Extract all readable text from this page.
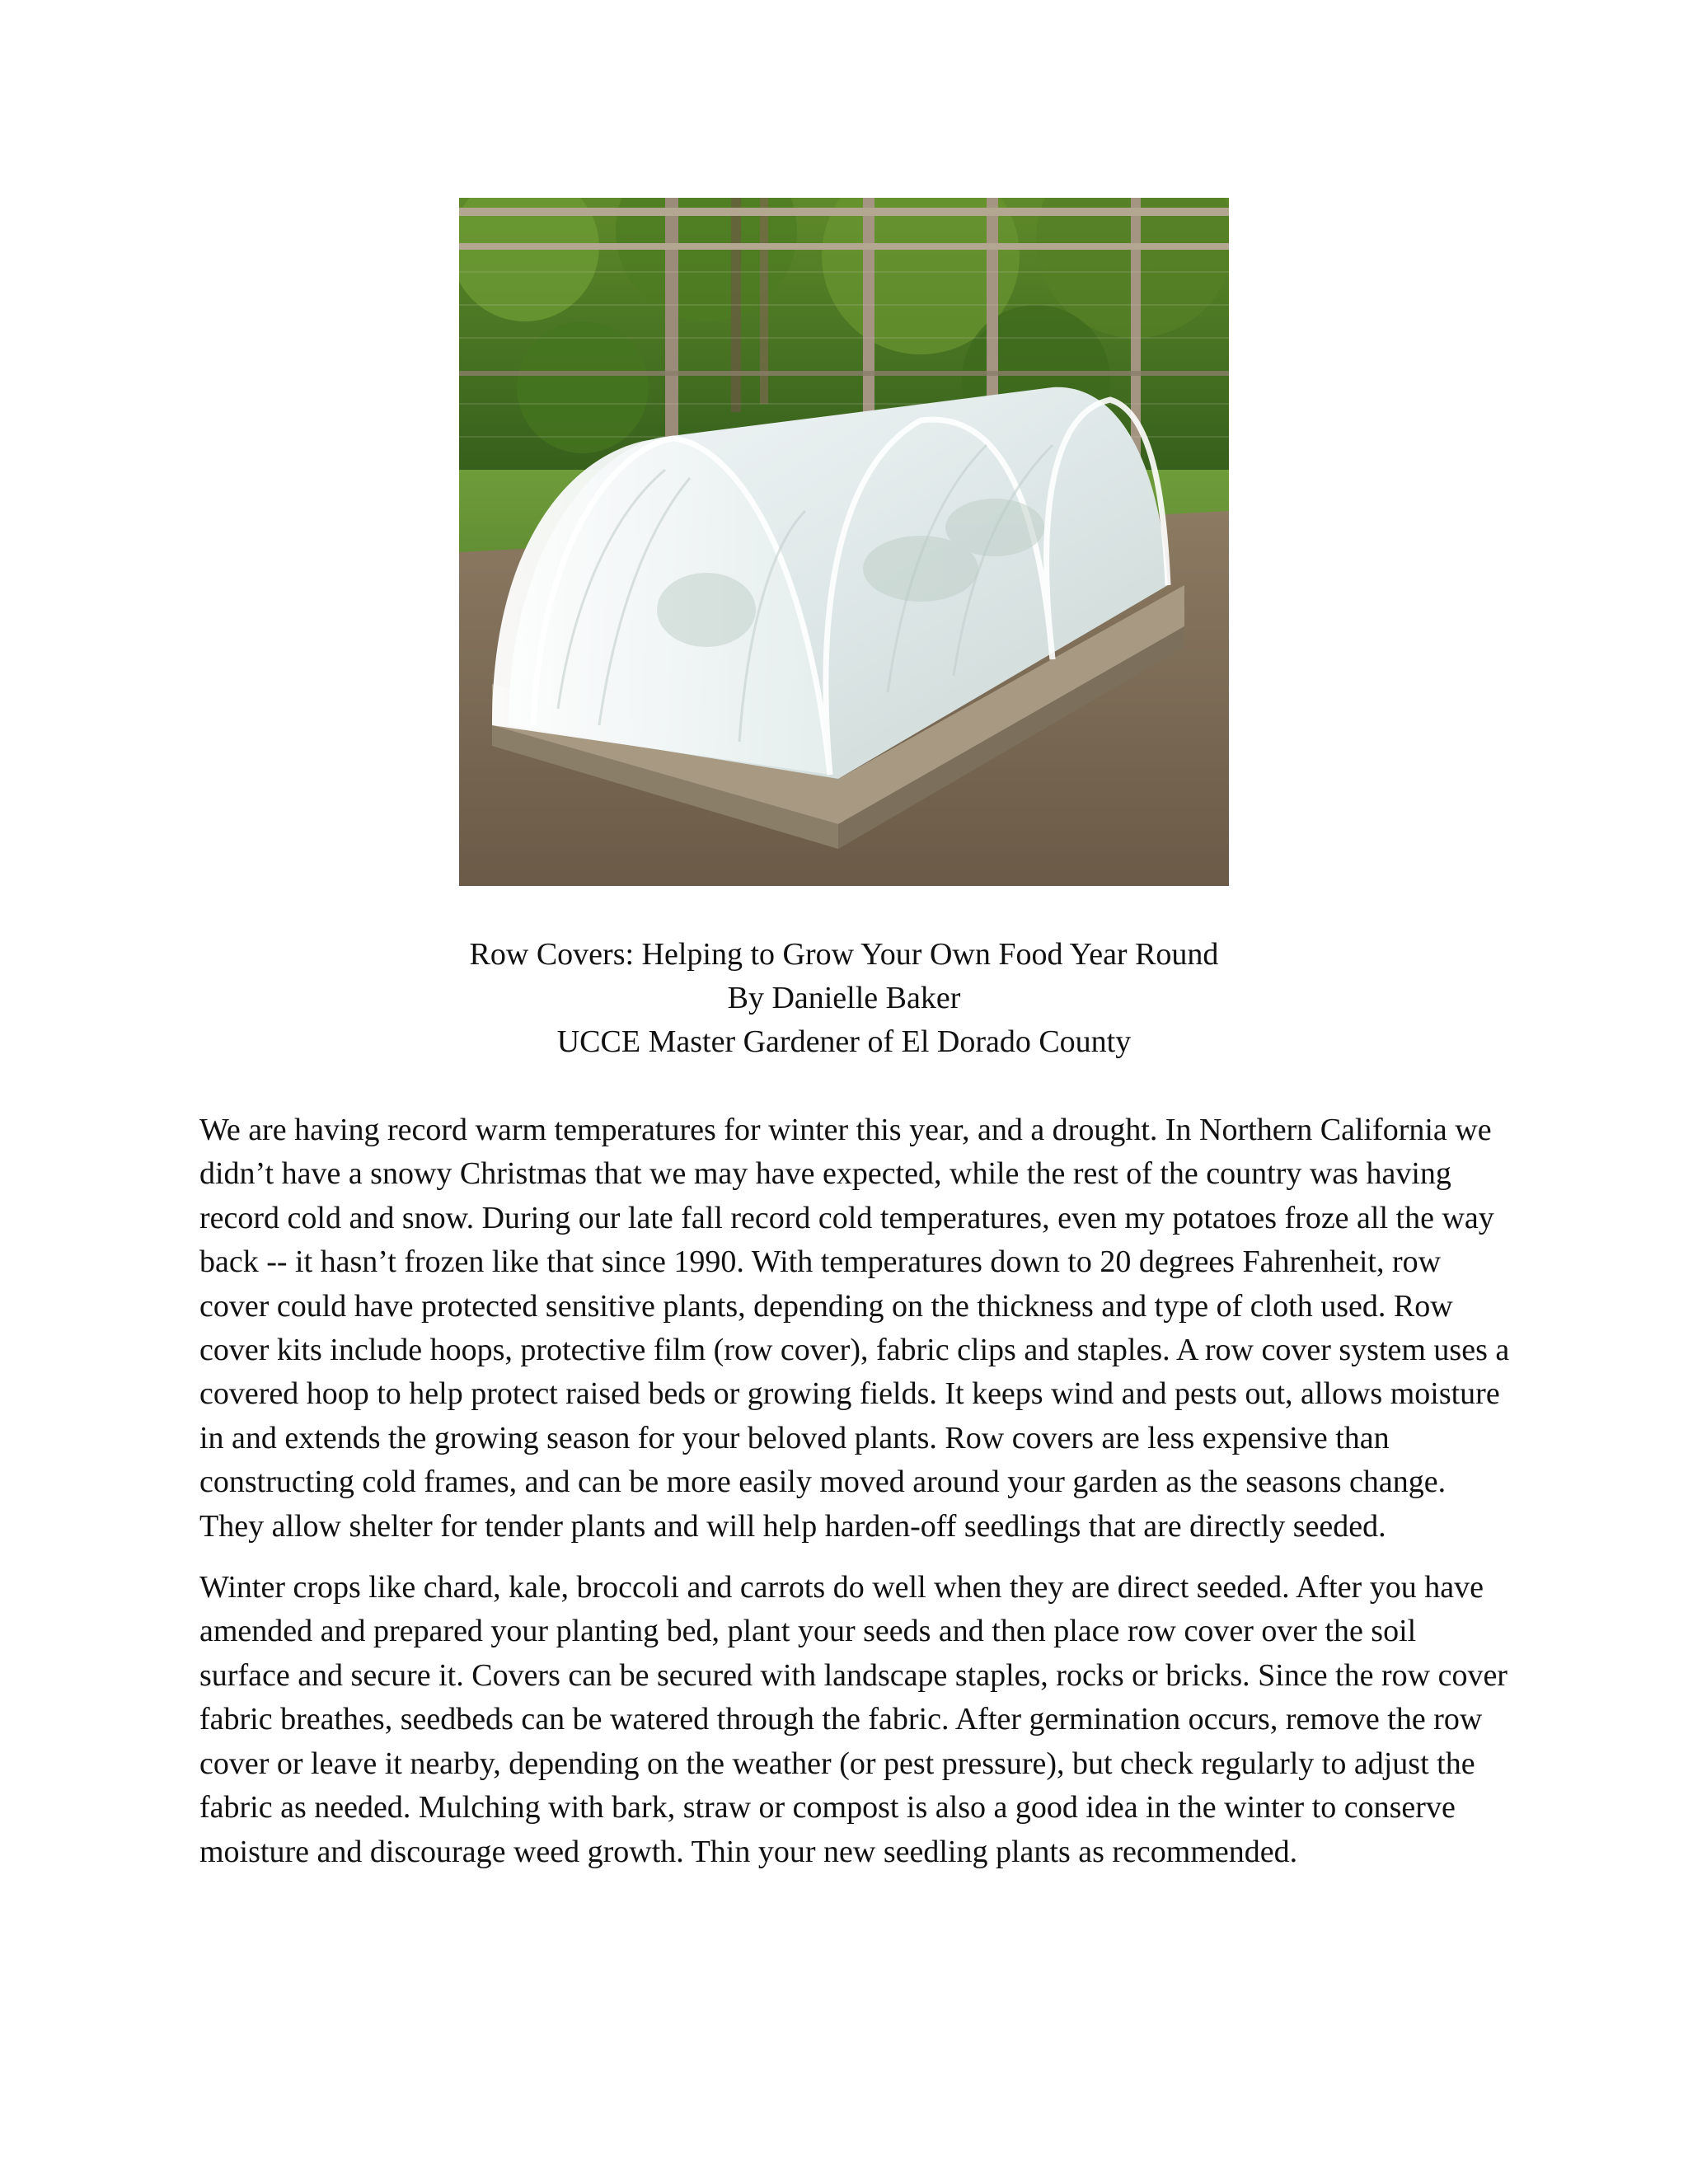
Row Covers: Helping to Grow Your Own Food Year Round
By Danielle Baker
UCCE Master Gardener of El Dorado County

We are having record warm temperatures for winter this year, and a drought. In Northern California we didn’t have a snowy Christmas that we may have expected, while the rest of the country was having record cold and snow. During our late fall record cold temperatures, even my potatoes froze all the way back -- it hasn’t frozen like that since 1990. With temperatures down to 20 degrees Fahrenheit, row cover could have protected sensitive plants, depending on the thickness and type of cloth used. Row cover kits include hoops, protective film (row cover), fabric clips and staples. A row cover system uses a covered hoop to help protect raised beds or growing fields. It keeps wind and pests out, allows moisture in and extends the growing season for your beloved plants. Row covers are less expensive than constructing cold frames, and can be more easily moved around your garden as the seasons change. They allow shelter for tender plants and will help harden-off seedlings that are directly seeded.

Winter crops like chard, kale, broccoli and carrots do well when they are direct seeded. After you have amended and prepared your planting bed, plant your seeds and then place row cover over the soil surface and secure it. Covers can be secured with landscape staples, rocks or bricks. Since the row cover fabric breathes, seedbeds can be watered through the fabric. After germination occurs, remove the row cover or leave it nearby, depending on the weather (or pest pressure), but check regularly to adjust the fabric as needed. Mulching with bark, straw or compost is also a good idea in the winter to conserve moisture and discourage weed growth. Thin your new seedling plants as recommended.
